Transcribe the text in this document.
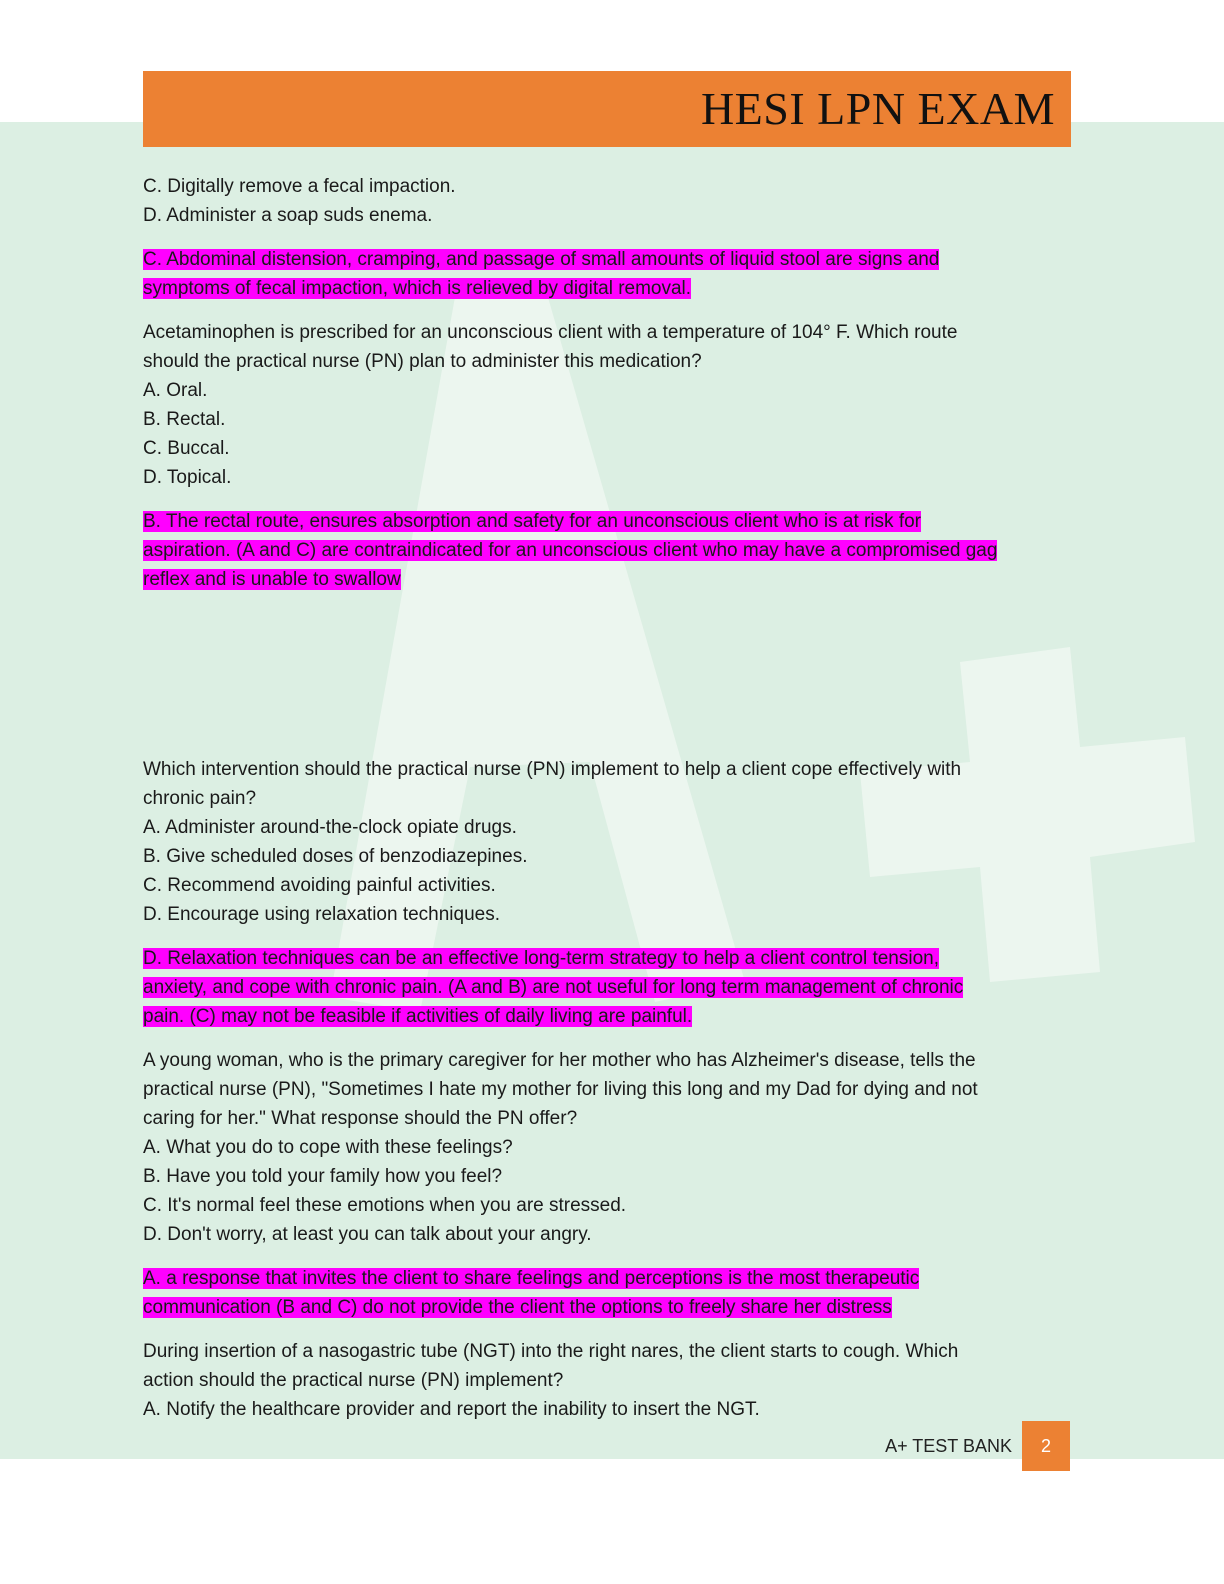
HESI LPN EXAM

C. Digitally remove a fecal impaction.
D. Administer a soap suds enema.

C. Abdominal distension, cramping, and passage of small amounts of liquid stool are signs and
symptoms of fecal impaction, which is relieved by digital removal.

Acetaminophen is prescribed for an unconscious client with a temperature of 104° F. Which route
should the practical nurse (PN) plan to administer this medication?
A. Oral.
B. Rectal.
C. Buccal.
D. Topical.

B. The rectal route, ensures absorption and safety for an unconscious client who is at risk for
aspiration. (A and C) are contraindicated for an unconscious client who may have a compromised gag
reflex and is unable to swallow

Which intervention should the practical nurse (PN) implement to help a client cope effectively with
chronic pain?
A. Administer around-the-clock opiate drugs.
B. Give scheduled doses of benzodiazepines.
C. Recommend avoiding painful activities.
D. Encourage using relaxation techniques.

D. Relaxation techniques can be an effective long-term strategy to help a client control tension,
anxiety, and cope with chronic pain. (A and B) are not useful for long term management of chronic
pain. (C) may not be feasible if activities of daily living are painful.

A young woman, who is the primary caregiver for her mother who has Alzheimer's disease, tells the
practical nurse (PN), "Sometimes I hate my mother for living this long and my Dad for dying and not
caring for her." What response should the PN offer?
A. What you do to cope with these feelings?
B. Have you told your family how you feel?
C. It's normal feel these emotions when you are stressed.
D. Don't worry, at least you can talk about your angry.

A. a response that invites the client to share feelings and perceptions is the most therapeutic
communication (B and C) do not provide the client the options to freely share her distress

During insertion of a nasogastric tube (NGT) into the right nares, the client starts to cough. Which
action should the practical nurse (PN) implement?
A. Notify the healthcare provider and report the inability to insert the NGT.

A+ TEST BANK	2
